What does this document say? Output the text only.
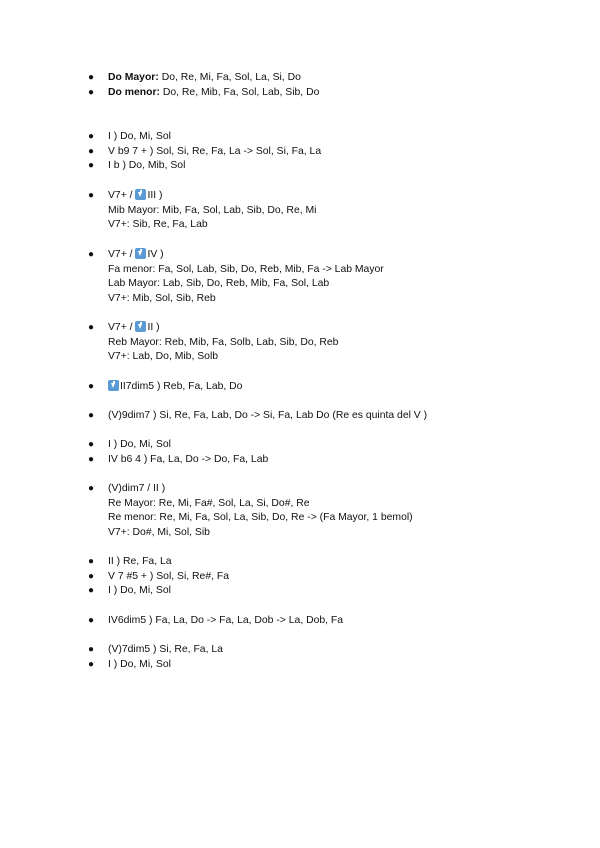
● Do Mayor: Do, Re, Mi, Fa, Sol, La, Si, Do
● Do menor: Do, Re, Mib, Fa, Sol, Lab, Sib, Do
● I ) Do, Mi, Sol
● V b9 7 + ) Sol, Si, Re, Fa, La -> Sol, Si, Fa, La
● I b ) Do, Mib, Sol
● V7+ / III )
Mib Mayor: Mib, Fa, Sol, Lab, Sib, Do, Re, Mi
V7+: Sib, Re, Fa, Lab
● V7+ / IV )
Fa menor: Fa, Sol, Lab, Sib, Do, Reb, Mib, Fa -> Lab Mayor
Lab Mayor: Lab, Sib, Do, Reb, Mib, Fa, Sol, Lab
V7+: Mib, Sol, Sib, Reb
● V7+ / II )
Reb Mayor: Reb, Mib, Fa, Solb, Lab, Sib, Do, Reb
V7+: Lab, Do, Mib, Solb
●	II7dim5 ) Reb, Fa, Lab, Do
● (V)9dim7 ) Si, Re, Fa, Lab, Do -> Si, Fa, Lab Do (Re es quinta del V )
● I ) Do, Mi, Sol
● IV b6 4 ) Fa, La, Do -> Do, Fa, Lab
● (V)dim7 / II )
Re Mayor: Re, Mi, Fa#, Sol, La, Si, Do#, Re
Re menor: Re, Mi, Fa, Sol, La, Sib, Do, Re -> (Fa Mayor, 1 bemol)
V7+: Do#, Mi, Sol, Sib
● II ) Re, Fa, La
● V 7 #5 + ) Sol, Si, Re#, Fa
● I ) Do, Mi, Sol
● IV6dim5 ) Fa, La, Do -> Fa, La, Dob -> La, Dob, Fa
● (V)7dim5 ) Si, Re, Fa, La
● I ) Do, Mi, Sol
